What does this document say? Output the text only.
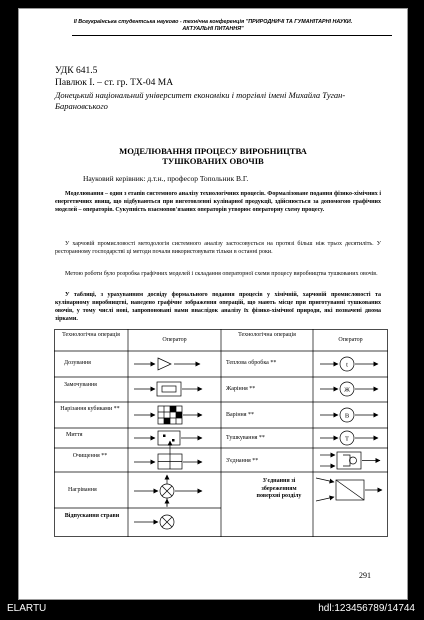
II Всеукраїнська студентська науково - технічна конференція "ПРИРОДНИЧІ ТА ГУМАНІТАРНІ НАУКИ.
АКТУАЛЬНІ ПИТАННЯ"
УДК 641.5
Павлюк І. – ст. гр. ТХ-04 МА
Донецький національний університет економіки і торгівлі імені Михайла Туган-Барановського
МОДЕЛЮВАННЯ ПРОЦЕСУ ВИРОБНИЦТВА
ТУШКОВАНИХ ОВОЧІВ
Науковий керівник: д.т.н., професор Топольник В.Г.
Моделювання – один з етапів системного аналізу технологічних процесів. Формалізоване подання фізико-хімічних і енергетичних явищ, що відбуваються при виготовленні кулінарної продукції, здійснюється за допомогою графічних моделей – операторів. Сукупність взаємопов'язаних операторів утворює операторну схему процесу.
У харчовій промисловості методологія системного аналізу застосовується на протязі більш ніж трьох десятиліть. У ресторанному господарстві ці методи почали використовувати тільки в останні роки.
Метою роботи було розробка графічних моделей і складання операторної схеми процесу виробництва тушкованих овочів.
У таблиці, з урахуванням досвіду формального подання процесів у хімічній, харчовій промисловості та кулінарному виробництві, наведено графічне зображення операцій, що мають місце при приготуванні тушкованих овочів, у тому числі нові, запропоновані нами внаслідок аналізу їх фізико-хімічної природи, які позначені двома зірками.
t
Ж
В
Т
Технологічна операція
Оператор
Технологічна операція
Оператор
Дозування
Замочування
Нарізання кубиками **
Миття
Очищення **
Нагрівання
Відпускання страви
Теплова обробка **
Жаріння **
Варіння **
Тушкування **
З'єднання **
З'єднання зі збереженням поверхні розділу
291
ELARTU	hdl:123456789/14744
